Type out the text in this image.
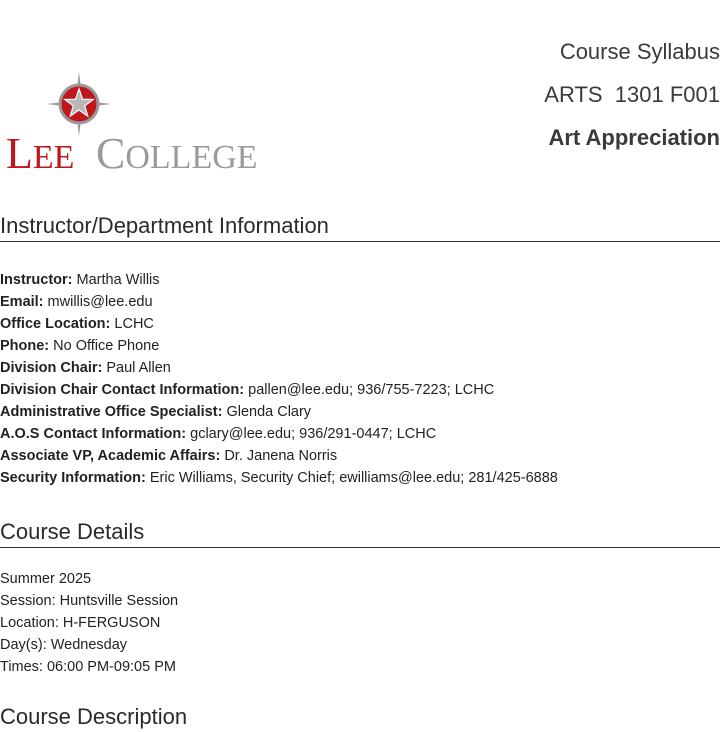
LEE COLLEGE

Course Syllabus

ARTS  1301 F001

Art Appreciation

Instructor/Department Information
Instructor: Martha Willis
Email: mwillis@lee.edu
Office Location: LCHC
Phone: No Office Phone
Division Chair: Paul Allen
Division Chair Contact Information: pallen@lee.edu; 936/755-7223; LCHC
Administrative Office Specialist: Glenda Clary
A.O.S Contact Information: gclary@lee.edu; 936/291-0447; LCHC
Associate VP, Academic Affairs: Dr. Janena Norris
Security Information: Eric Williams, Security Chief; ewilliams@lee.edu; 281/425-6888
Course Details
Summer 2025
Session: Huntsville Session
Location: H-FERGUSON
Day(s): Wednesday
Times: 06:00 PM-09:05 PM
Course Description
